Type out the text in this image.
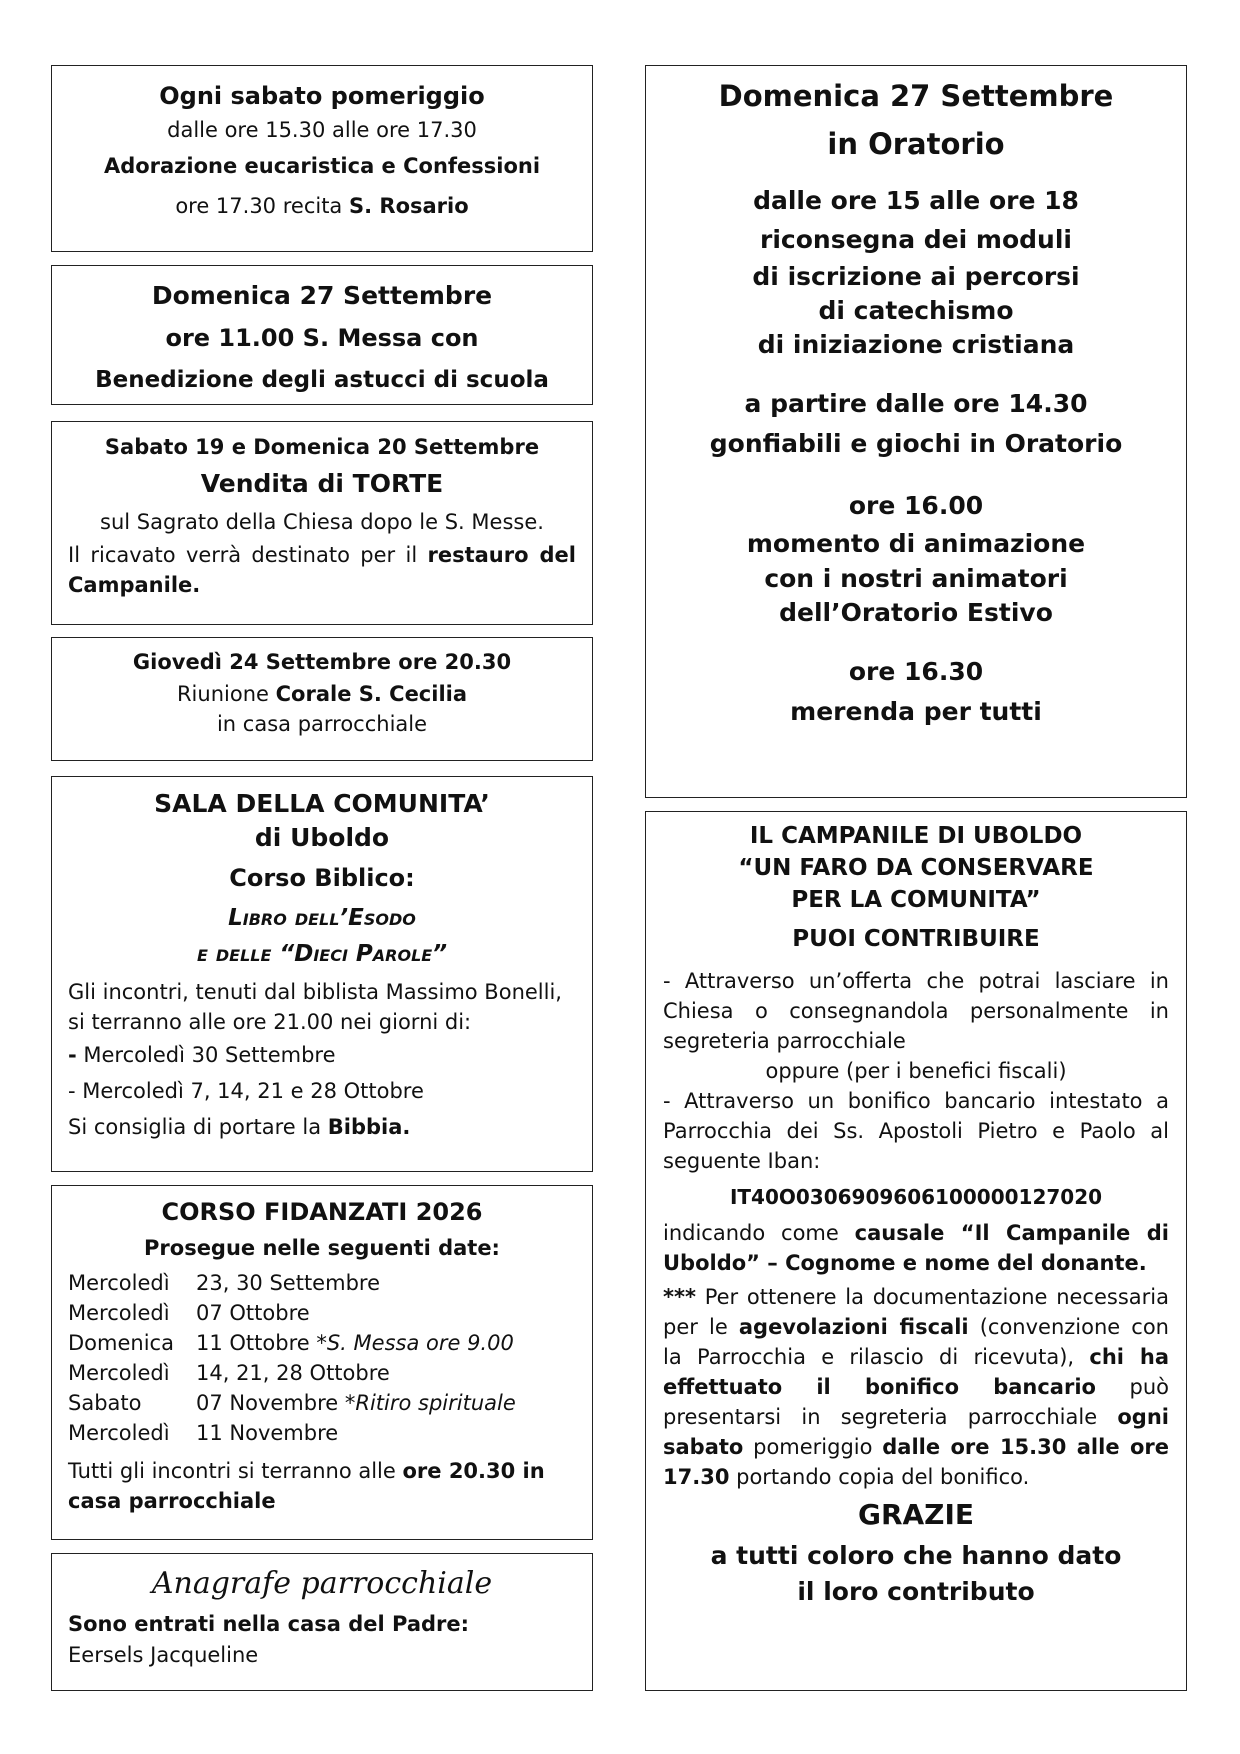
Ogni sabato pomeriggio

dalle ore 15.30 alle ore 17.30

Adorazione eucaristica e Confessioni

ore 17.30 recita S. Rosario

Domenica 27 Settembre

ore 11.00 S. Messa con

Benedizione degli astucci di scuola

Sabato 19 e Domenica 20 Settembre

Vendita di TORTE

sul Sagrato della Chiesa dopo le S. Messe.

Il ricavato verrà destinato per il restauro del Campanile.

Giovedì 24 Settembre ore 20.30

Riunione Corale S. Cecilia

in casa parrocchiale

SALA DELLA COMUNITA’

di Uboldo

Corso Biblico:

Libro dell’Esodo

e delle “Dieci Parole”

Gli incontri, tenuti dal biblista Massimo Bonelli, si terranno alle ore 21.00 nei giorni di:

- Mercoledì 30 Settembre

- Mercoledì 7, 14, 21 e 28 Ottobre

Si consiglia di portare la Bibbia.

CORSO FIDANZATI 2026

Prosegue nelle seguenti date:

Mercoledì	23, 30 Settembre
Mercoledì	07 Ottobre
Domenica	11 Ottobre * S. Messa ore 9.00
Mercoledì	14, 21, 28 Ottobre
Sabato	07 Novembre * Ritiro spirituale
Mercoledì	11 Novembre

Tutti gli incontri si terranno alle ore 20.30 in casa parrocchiale

Anagrafe parrocchiale

Sono entrati nella casa del Padre:

Eersels Jacqueline

Domenica 27 Settembre

in Oratorio

dalle ore 15 alle ore 18

riconsegna dei moduli

di iscrizione ai percorsi

di catechismo

di iniziazione cristiana

a partire dalle ore 14.30

gonfiabili e giochi in Oratorio

ore 16.00

momento di animazione

con i nostri animatori

dell’Oratorio Estivo

ore 16.30

merenda per tutti

IL CAMPANILE DI UBOLDO

“UN FARO DA CONSERVARE

PER LA COMUNITA”

PUOI CONTRIBUIRE

- Attraverso un’offerta che potrai lasciare in Chiesa o consegnandola personalmente in segreteria parrocchiale

oppure (per i benefici fiscali)

- Attraverso un bonifico bancario intestato a Parrocchia dei Ss. Apostoli Pietro e Paolo al seguente Iban:

IT40O0306909606100000127020

indicando come causale “Il Campanile di Uboldo” – Cognome e nome del donante.

*** Per ottenere la documentazione necessaria per le agevolazioni fiscali (convenzione con la Parrocchia e rilascio di ricevuta), chi ha effettuato il bonifico bancario può presentarsi in segreteria parrocchiale ogni sabato pomeriggio dalle ore 15.30 alle ore 17.30 portando copia del bonifico.

GRAZIE

a tutti coloro che hanno dato

il loro contributo
